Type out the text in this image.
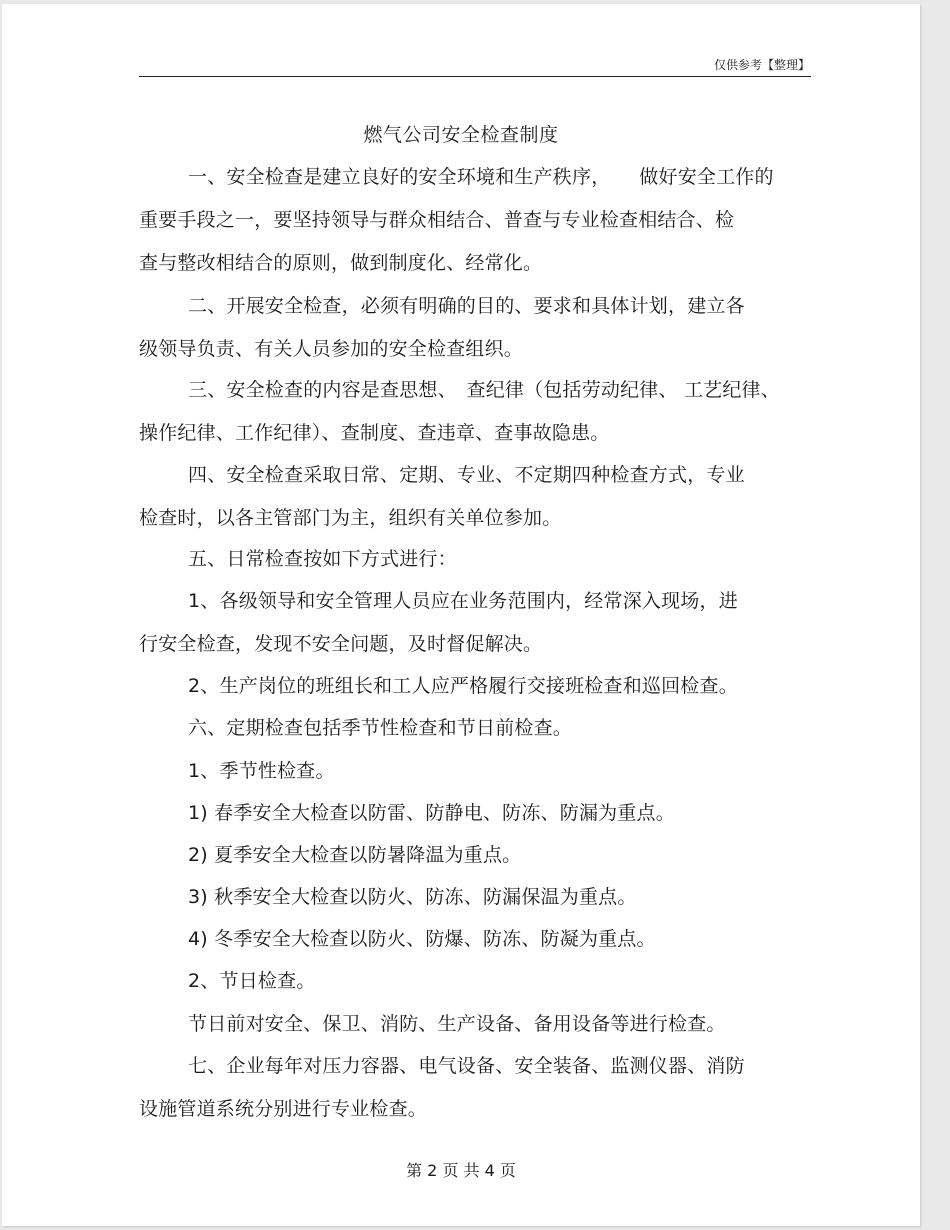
仅供参考【整理】
燃气公司安全检查制度
一、安全检查是建立良好的安全环境和生产秩序，　　做好安全工作的
重要手段之一，要坚持领导与群众相结合、普查与专业检查相结合、检
查与整改相结合的原则，做到制度化、经常化。
二、开展安全检查，必须有明确的目的、要求和具体计划，建立各
级领导负责、有关人员参加的安全检查组织。
三、安全检查的内容是查思想、　查纪律（包括劳动纪律、 工艺纪律、
操作纪律、工作纪律）、查制度、查违章、查事故隐患。
四、安全检查采取日常、定期、专业、不定期四种检查方式，专业
检查时，以各主管部门为主，组织有关单位参加。
五、日常检查按如下方式进行：
1、各级领导和安全管理人员应在业务范围内，经常深入现场，进
行安全检查，发现不安全问题，及时督促解决。
2、生产岗位的班组长和工人应严格履行交接班检查和巡回检查。
六、定期检查包括季节性检查和节日前检查。
1、季节性检查。
1) 春季安全大检查以防雷、防静电、防冻、防漏为重点。
2) 夏季安全大检查以防暑降温为重点。
3) 秋季安全大检查以防火、防冻、防漏保温为重点。
4) 冬季安全大检查以防火、防爆、防冻、防凝为重点。
2、节日检查。
节日前对安全、保卫、消防、生产设备、备用设备等进行检查。
七、企业每年对压力容器、电气设备、安全装备、监测仪器、消防
设施管道系统分别进行专业检查。
第 2 页 共 4 页
